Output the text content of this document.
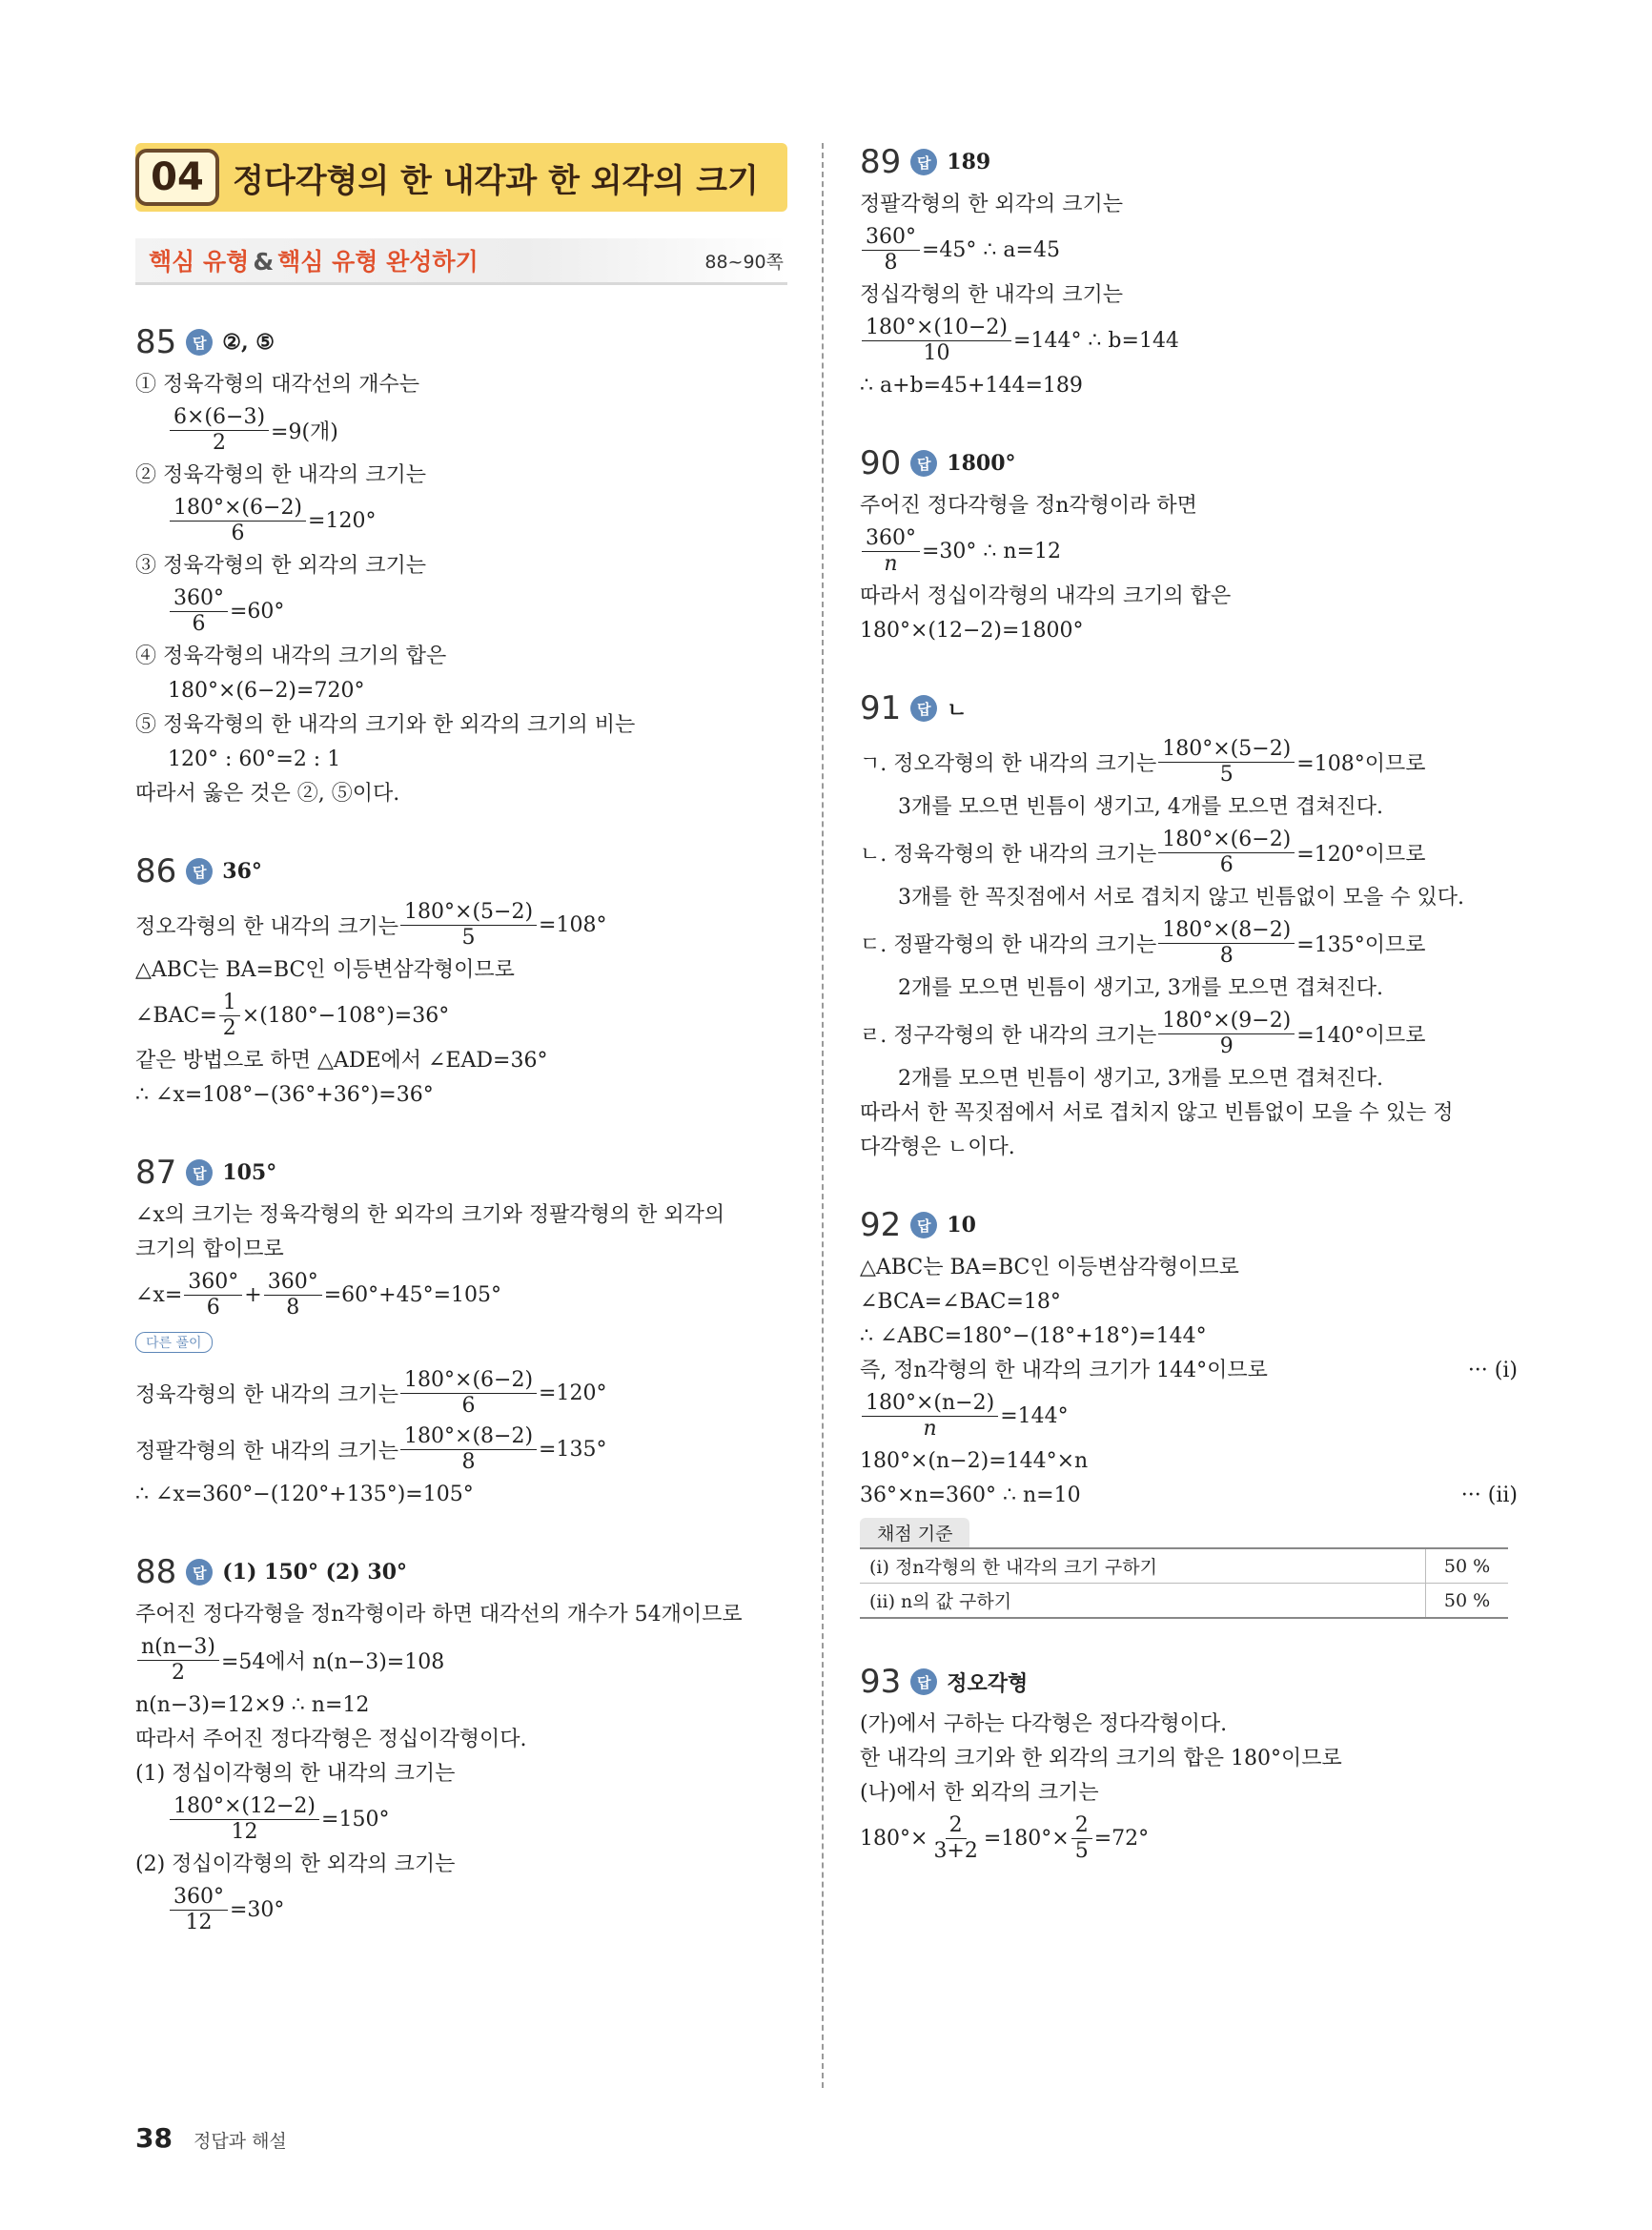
04 정다각형의 한 내각과 한 외각의 크기
핵심 유형 & 핵심 유형 완성하기	88~90쪽
85	답 ②, ⑤
① 정육각형의 대각선의 개수는
$\frac{6\times(6-3)}{2} =9$(개)
② 정육각형의 한 내각의 크기는
$\frac{180^\circ\times(6-2)}{6} =120^\circ$
③ 정육각형의 한 외각의 크기는
$\frac{360^\circ}{6} =60^\circ$
④ 정육각형의 내각의 크기의 합은
180°×(6−2)=720°
⑤ 정육각형의 한 내각의 크기와 한 외각의 크기의 비는
120° : 60°=2 : 1
따라서 옳은 것은 ②, ⑤이다.
86	답 36°
정오각형의 한 내각의 크기는 $\frac{180^\circ\times(5-2)}{5} =108^\circ$
△ABC는 BA=BC인 이등변삼각형이므로
∠BAC= $\frac{1}{2} \times(180^\circ-108^\circ)=36^\circ$
같은 방법으로 하면 △ADE에서 ∠EAD=36°
∴ ∠x=108°−(36°+36°)=36°
87	답 105°
∠x의 크기는 정육각형의 한 외각의 크기와 정팔각형의 한 외각의
크기의 합이므로
∠x= $\frac{360^\circ}{6} + \frac{360^\circ}{8} =60^\circ+45^\circ=105^\circ$
다른 풀이
정육각형의 한 내각의 크기는 $\frac{180^\circ\times(6-2)}{6} =120^\circ$
정팔각형의 한 내각의 크기는 $\frac{180^\circ\times(8-2)}{8} =135^\circ$
∴ ∠x=360°−(120°+135°)=105°
88	답 (1) 150° (2) 30°
주어진 정다각형을 정n각형이라 하면 대각선의 개수가 54개이므로
$\frac{n(n-3)}{2} =54$에서 n(n−3)=108
n(n−3)=12×9 ∴ n=12
따라서 주어진 정다각형은 정십이각형이다.
(1) 정십이각형의 한 내각의 크기는
$\frac{180^\circ\times(12-2)}{12} =150^\circ$
(2) 정십이각형의 한 외각의 크기는
$\frac{360^\circ}{12} =30^\circ$
89	답 189
정팔각형의 한 외각의 크기는
$\frac{360^\circ}{8} =45^\circ$ ∴ a=45
정십각형의 한 내각의 크기는
$\frac{180^\circ\times(10-2)}{10} =144^\circ$ ∴ b=144
∴ a+b=45+144=189
90	답 1800°
주어진 정다각형을 정n각형이라 하면
$\frac{360^\circ}{n} =30^\circ$ ∴ n=12
따라서 정십이각형의 내각의 크기의 합은
180°×(12−2)=1800°
91	답 ㄴ
ㄱ. 정오각형의 한 내각의 크기는 $\frac{180^\circ\times(5-2)}{5} =108^\circ$이므로
3개를 모으면 빈틈이 생기고, 4개를 모으면 겹쳐진다.
ㄴ. 정육각형의 한 내각의 크기는 $\frac{180^\circ\times(6-2)}{6} =120^\circ$이므로
3개를 한 꼭짓점에서 서로 겹치지 않고 빈틈없이 모을 수 있다.
ㄷ. 정팔각형의 한 내각의 크기는 $\frac{180^\circ\times(8-2)}{8} =135^\circ$이므로
2개를 모으면 빈틈이 생기고, 3개를 모으면 겹쳐진다.
ㄹ. 정구각형의 한 내각의 크기는 $\frac{180^\circ\times(9-2)}{9} =140^\circ$이므로
2개를 모으면 빈틈이 생기고, 3개를 모으면 겹쳐진다.
따라서 한 꼭짓점에서 서로 겹치지 않고 빈틈없이 모을 수 있는 정
다각형은 ㄴ이다.
92	답 10
△ABC는 BA=BC인 이등변삼각형이므로
∠BCA=∠BAC=18°
∴ ∠ABC=180°−(18°+18°)=144°
즉, 정n각형의 한 내각의 크기가 144°이므로	··· (i)
$\frac{180^\circ\times(n-2)}{n} =144^\circ$
180°×(n−2)=144°×n
36°×n=360° ∴ n=10	··· (ii)
채점 기준
(i) 정n각형의 한 내각의 크기 구하기	50 %
(ii) n의 값 구하기	50 %
93	답 정오각형
(가)에서 구하는 다각형은 정다각형이다.
한 내각의 크기와 한 외각의 크기의 합은 180°이므로
(나)에서 한 외각의 크기는
$180^\circ\times \frac{2}{3+2} =180^\circ\times \frac{2}{5} =72^\circ$
38 정답과 해설
